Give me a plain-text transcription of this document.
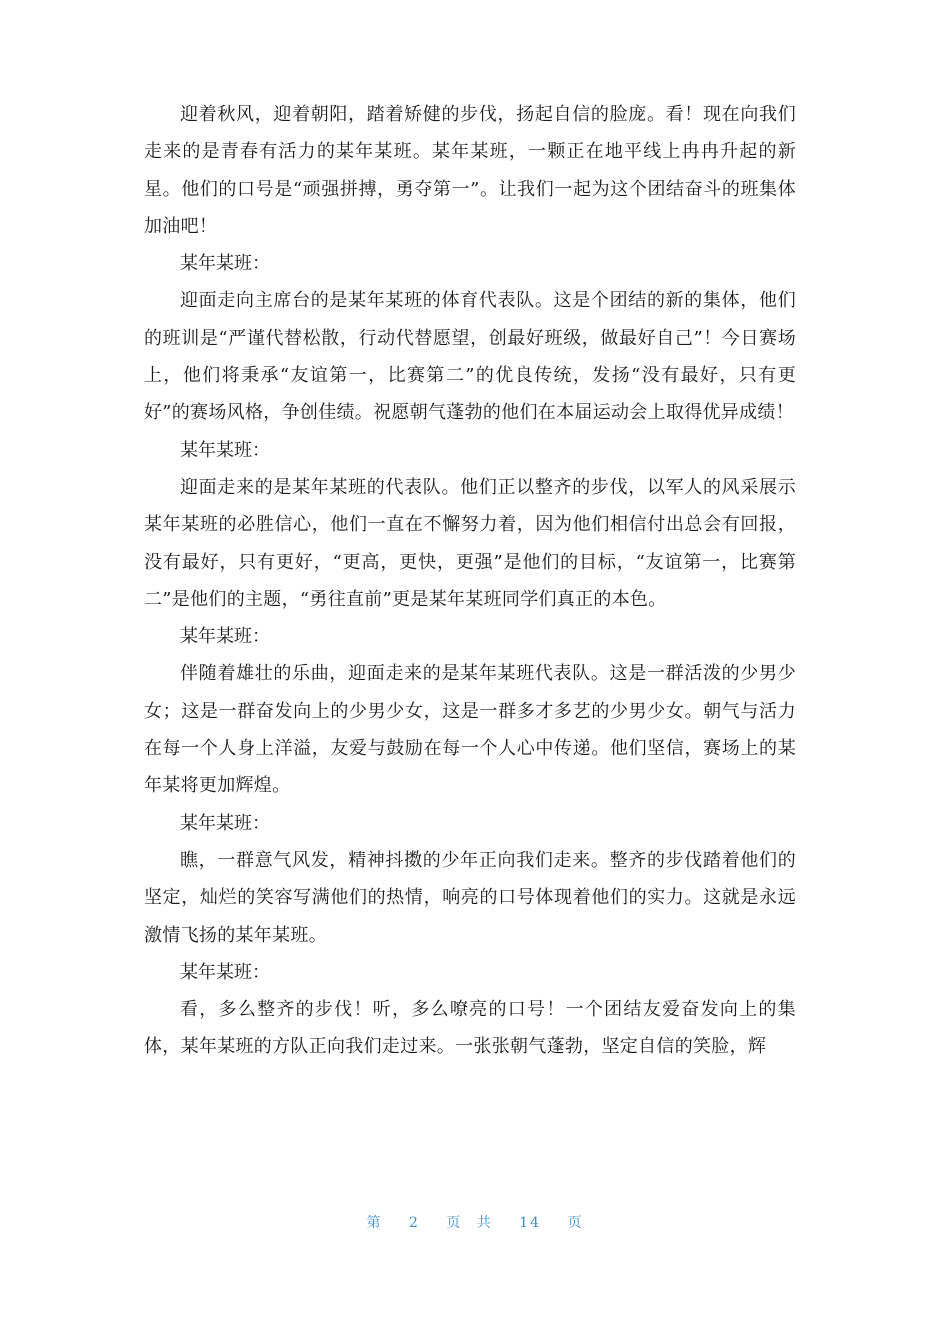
迎着秋风，迎着朝阳，踏着矫健的步伐，扬起自信的脸庞。看！现在向我们走来的是青春有活力的某年某班。某年某班，一颗正在地平线上冉冉升起的新星。他们的口号是“顽强拼搏，勇夺第一”。让我们一起为这个团结奋斗的班集体加油吧！

某年某班：

迎面走向主席台的是某年某班的体育代表队。这是个团结的新的集体，他们的班训是“严谨代替松散，行动代替愿望，创最好班级，做最好自己”！今日赛场上，他们将秉承“友谊第一，比赛第二”的优良传统，发扬“没有最好，只有更好”的赛场风格，争创佳绩。祝愿朝气蓬勃的他们在本届运动会上取得优异成绩！

某年某班：

迎面走来的是某年某班的代表队。他们正以整齐的步伐，以军人的风采展示某年某班的必胜信心，他们一直在不懈努力着，因为他们相信付出总会有回报，没有最好，只有更好，“更高，更快，更强”是他们的目标，“友谊第一，比赛第二”是他们的主题，“勇往直前”更是某年某班同学们真正的本色。

某年某班：

伴随着雄壮的乐曲，迎面走来的是某年某班代表队。这是一群活泼的少男少女；这是一群奋发向上的少男少女，这是一群多才多艺的少男少女。朝气与活力在每一个人身上洋溢，友爱与鼓励在每一个人心中传递。他们坚信，赛场上的某年某将更加辉煌。

某年某班：

瞧，一群意气风发，精神抖擞的少年正向我们走来。整齐的步伐踏着他们的坚定，灿烂的笑容写满他们的热情，响亮的口号体现着他们的实力。这就是永远激情飞扬的某年某班。

某年某班：

看，多么整齐的步伐！听，多么嘹亮的口号！一个团结友爱奋发向上的集体，某年某班的方队正向我们走过来。一张张朝气蓬勃，坚定自信的笑脸，辉

第 2 页 共 14 页
